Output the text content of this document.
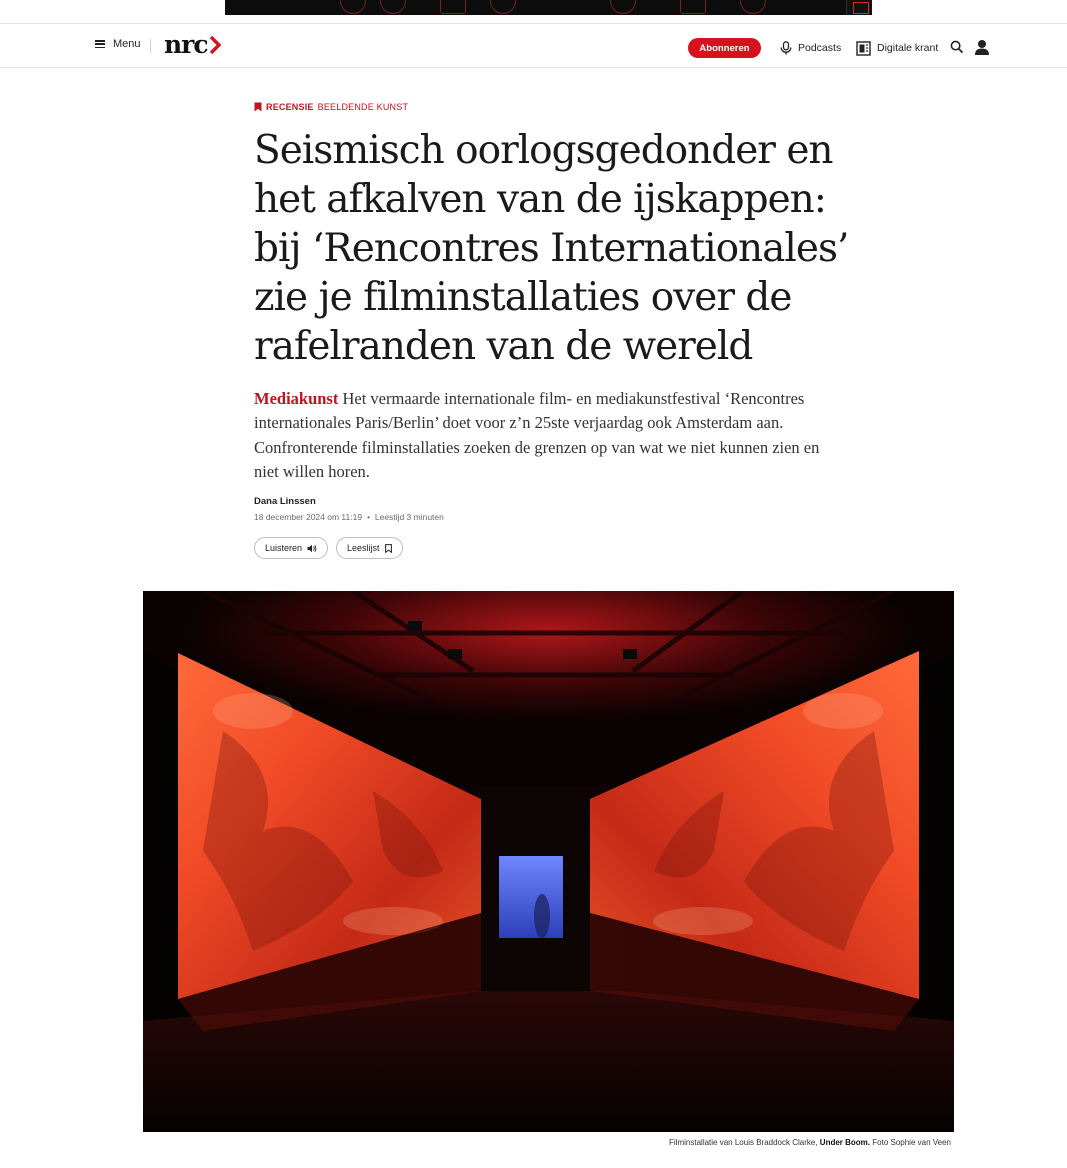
Menu nrc	Abonneren	Podcasts	Digitale krant
RECENSIE BEELDENDE KUNST
Seismisch oorlogsgedonder en het afkalven van de ijskappen: bij ‘Rencontres Internationales’ zie je filminstallaties over de rafelranden van de wereld

Mediakunst Het vermaarde internationale film- en mediakunstfestival ‘Rencontres internationales Paris/Berlin’ doet voor z’n 25ste verjaardag ook Amsterdam aan. Confronterende filminstallaties zoeken de grenzen op van wat we niet kunnen zien en niet willen horen.

Dana Linssen
18 december 2024 om 11:19 • Leestijd 3 minuten
Luisteren	Leeslijst
Filminstallatie van Louis Braddock Clarke, Under Boom. Foto Sophie van Veen
